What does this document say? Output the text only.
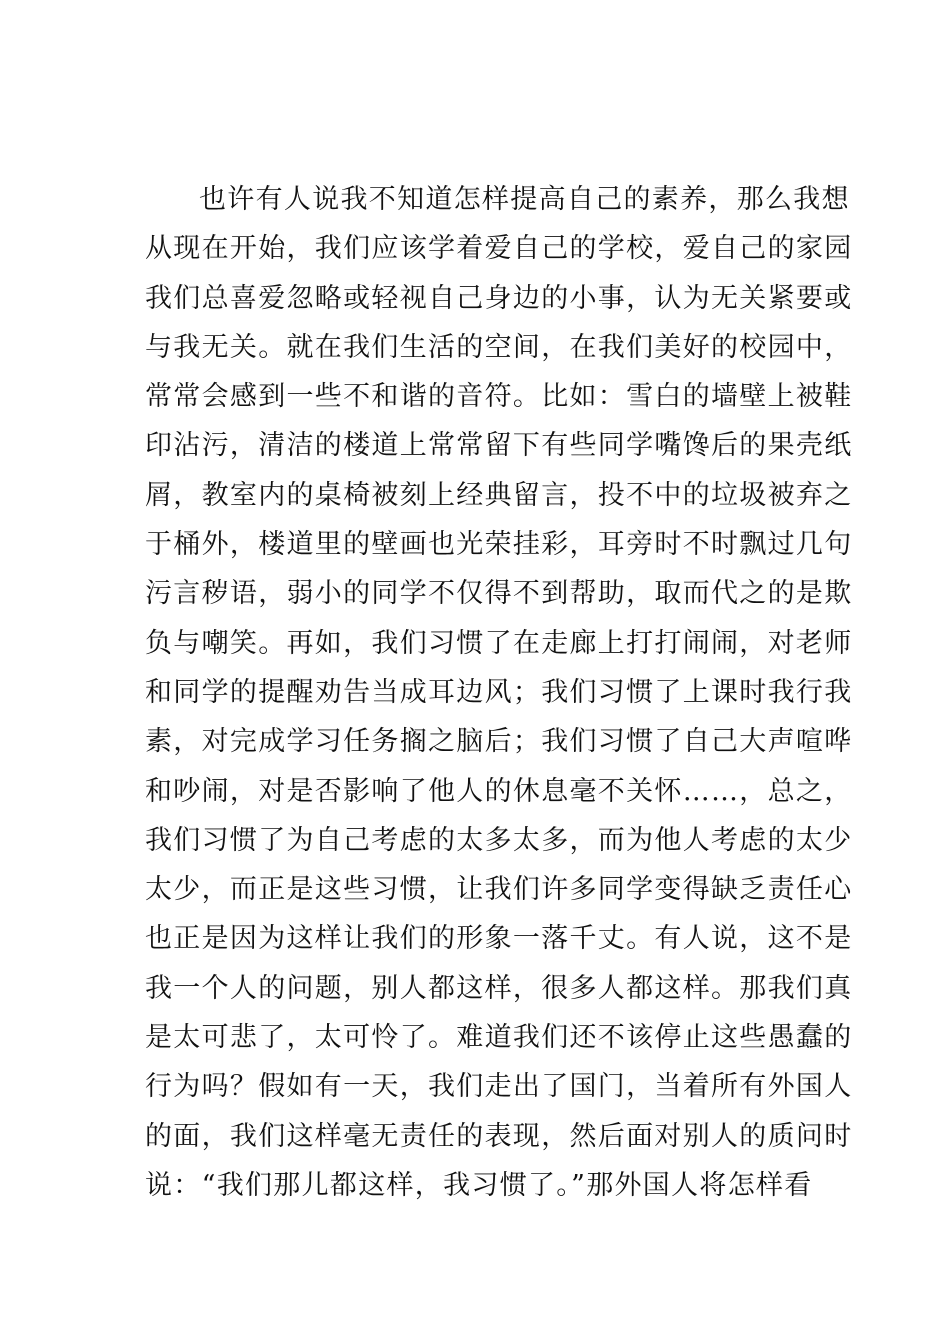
也许有人说我不知道怎样提高自己的素养，那么我想
从现在开始，我们应该学着爱自己的学校，爱自己的家园
我们总喜爱忽略或轻视自己身边的小事，认为无关紧要或
与我无关。就在我们生活的空间，在我们美好的校园中，
常常会感到一些不和谐的音符。比如：雪白的墙壁上被鞋
印沾污，清洁的楼道上常常留下有些同学嘴馋后的果壳纸
屑，教室内的桌椅被刻上经典留言，投不中的垃圾被弃之
于桶外，楼道里的壁画也光荣挂彩，耳旁时不时飘过几句
污言秽语，弱小的同学不仅得不到帮助，取而代之的是欺
负与嘲笑。再如，我们习惯了在走廊上打打闹闹，对老师
和同学的提醒劝告当成耳边风；我们习惯了上课时我行我
素，对完成学习任务搁之脑后；我们习惯了自己大声喧哗
和吵闹，对是否影响了他人的休息毫不关怀……，总之，
我们习惯了为自己考虑的太多太多，而为他人考虑的太少
太少，而正是这些习惯，让我们许多同学变得缺乏责任心
也正是因为这样让我们的形象一落千丈。有人说，这不是
我一个人的问题，别人都这样，很多人都这样。那我们真
是太可悲了，太可怜了。难道我们还不该停止这些愚蠢的
行为吗？假如有一天，我们走出了国门，当着所有外国人
的面，我们这样毫无责任的表现，然后面对别人的质问时
说：“我们那儿都这样，我习惯了。”那外国人将怎样看
